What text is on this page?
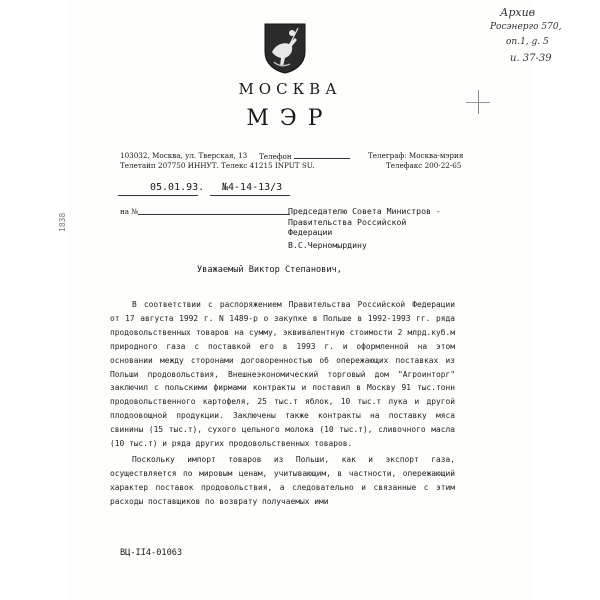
Архив
Росэнерго 570,
on.1, g. 5
u. 37-39
1838
МОСКВА
МЭР
103032, Москва, ул. Тверская, 13 Телефон	Телеграф: Москва-мэрия
Телетайп 207750 ИННУТ. Телекс 41215 INPUT SU.	Телефакс 200-22-65
05.01.93. №4-14-13/3
на №	Председателю Совета Министров - Правительства Российской Федерации
В.С.Черномырдину
Уважаемый Виктор Степанович,

В соответствии с распоряжением Правительства Российской Федерации от 17 августа 1992 г. N 1489-р о закупке в Польше в 1992-1993 гг. ряда продовольственных товаров на сумму, эквивалентную стоимости 2 млрд.куб.м природного газа с поставкой его в 1993 г. и оформленной на этом основании между сторонами договоренностью об опережающих поставках из Польши продовольствия, Внешнеэкономический торговый дом "Агроинторг" заключил с польскими фирмами контракты и поставил в Москву 91 тыс.тонн продовольственного картофеля, 25 тыс.т яблок, 10 тыс.т лука и другой плодоовощной продукции. Заключены также контракты на поставку мяса свинины (15 тыс.т), сухого цельного молока (10 тыс.т), сливочного масла (10 тыс.т) и ряда других продовольственных товаров.

Поскольку импорт товаров из Польши, как и экспорт газа, осуществляется по мировым ценам, учитывающим, в частности, опережающий характер поставок продовольствия, а следовательно и связанные с этим расходы поставщиков по возврату получаемых ими

ВЦ-II4-01063
